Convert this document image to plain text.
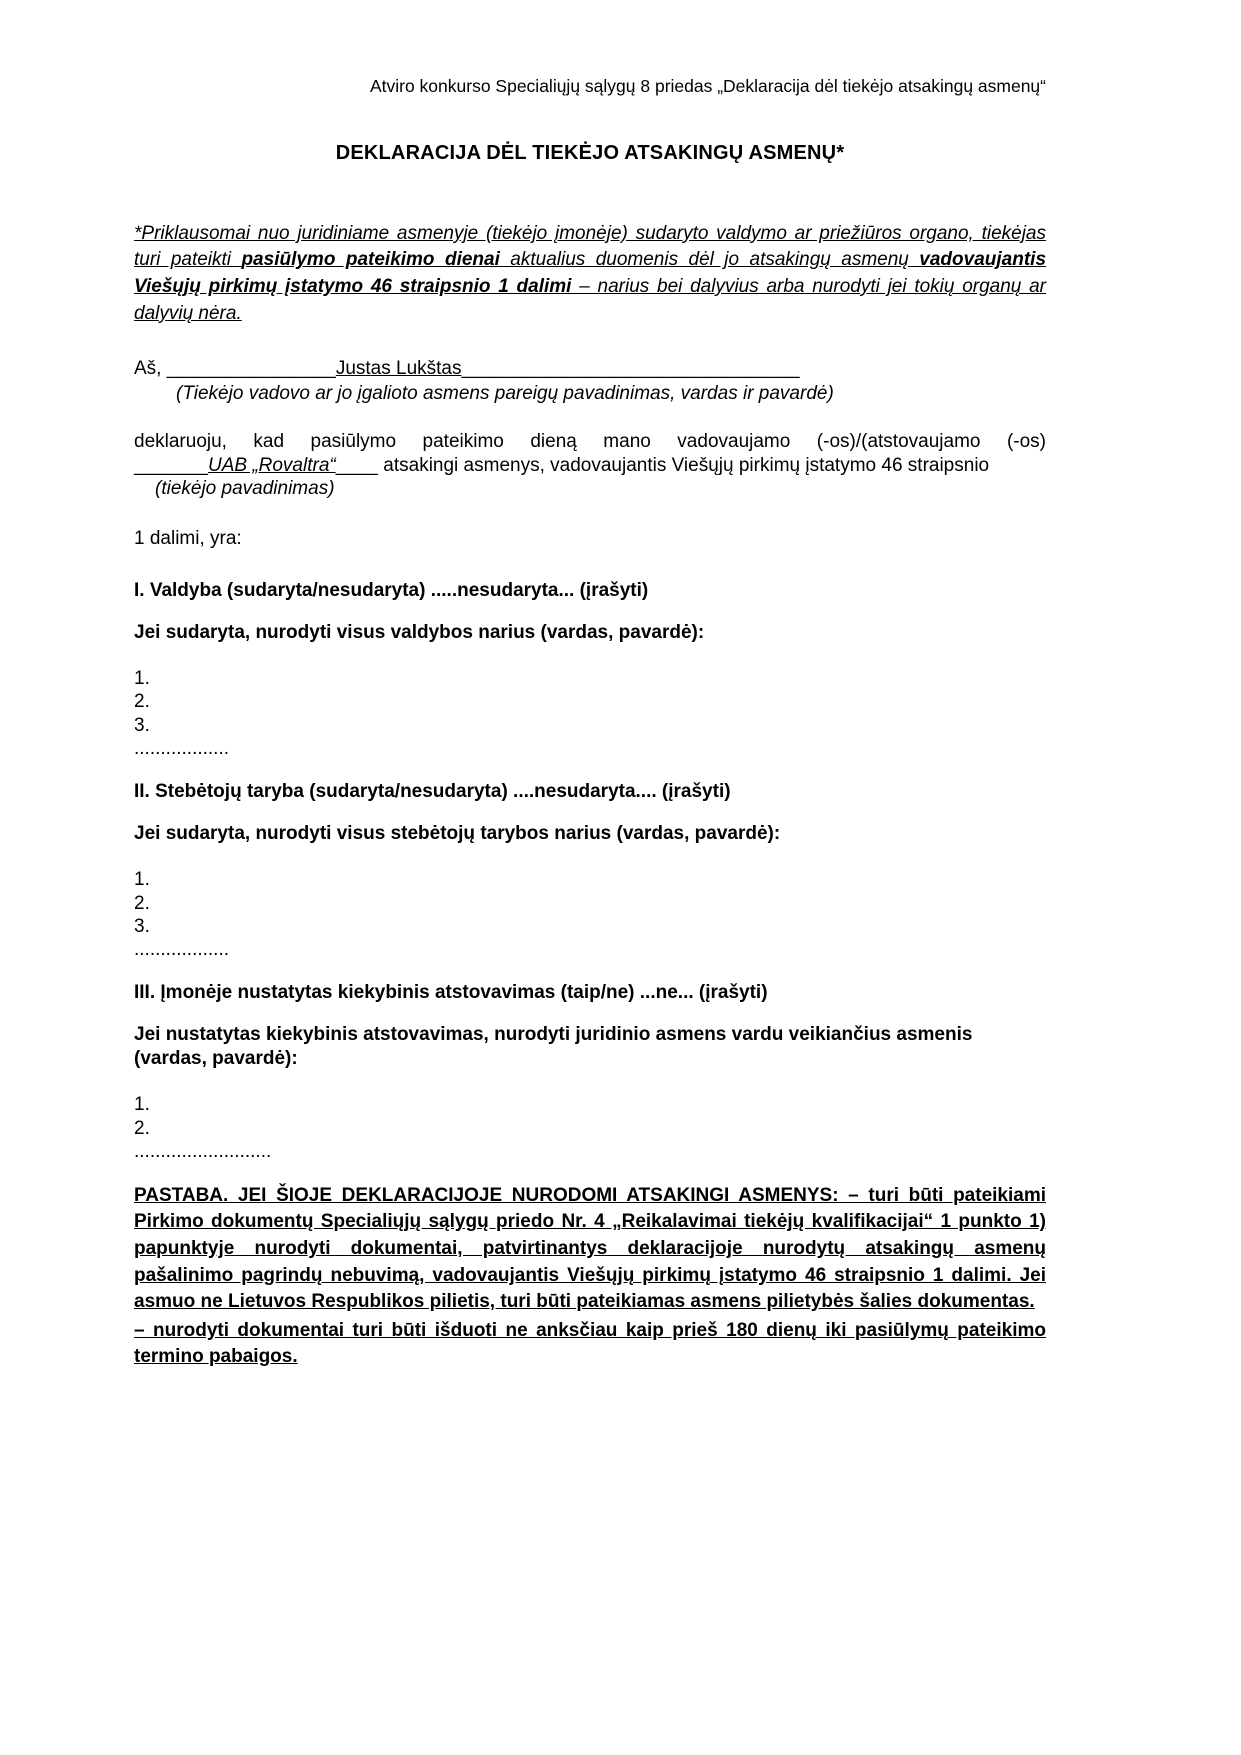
Atviro konkurso Specialiųjų sąlygų 8 priedas „Deklaracija dėl tiekėjo atsakingų asmenų“
DEKLARACIJA DĖL TIEKĖJO ATSAKINGŲ ASMENŲ*

*Priklausomai nuo juridiniame asmenyje (tiekėjo įmonėje) sudaryto valdymo ar priežiūros organo, tiekėjas turi pateikti pasiūlymo pateikimo dienai aktualius duomenis dėl jo atsakingų asmenų vadovaujantis Viešųjų pirkimų įstatymo 46 straipsnio 1 dalimi – narius bei dalyvius arba nurodyti jei tokių organų ar dalyvių nėra.

Aš, ________________Justas Lukštas________________________________

(Tiekėjo vadovo ar jo įgalioto asmens pareigų pavadinimas, vardas ir pavardė)

deklaruoju, kad pasiūlymo pateikimo dieną mano vadovaujamo (-os)/(atstovaujamo (-os)
_______UAB „Rovaltra“____ atsakingi asmenys, vadovaujantis Viešųjų pirkimų įstatymo 46 straipsnio

(tiekėjo pavadinimas)

1 dalimi, yra:

I. Valdyba (sudaryta/nesudaryta) .....nesudaryta... (įrašyti)

Jei sudaryta, nurodyti visus valdybos narius (vardas, pavardė):

1.
2.
3.
..................

II. Stebėtojų taryba (sudaryta/nesudaryta) ....nesudaryta.... (įrašyti)

Jei sudaryta, nurodyti visus stebėtojų tarybos narius (vardas, pavardė):

1.
2.
3.
..................

III. Įmonėje nustatytas kiekybinis atstovavimas (taip/ne) ...ne... (įrašyti)

Jei nustatytas kiekybinis atstovavimas, nurodyti juridinio asmens vardu veikiančius asmenis (vardas, pavardė):

1.
2.
..........................

PASTABA. JEI ŠIOJE DEKLARACIJOJE NURODOMI ATSAKINGI ASMENYS: – turi būti pateikiami Pirkimo dokumentų Specialiųjų sąlygų priedo Nr. 4 „Reikalavimai tiekėjų kvalifikacijai“ 1 punkto 1) papunktyje nurodyti dokumentai, patvirtinantys deklaracijoje nurodytų atsakingų asmenų pašalinimo pagrindų nebuvimą, vadovaujantis Viešųjų pirkimų įstatymo 46 straipsnio 1 dalimi. Jei asmuo ne Lietuvos Respublikos pilietis, turi būti pateikiamas asmens pilietybės šalies dokumentas.

– nurodyti dokumentai turi būti išduoti ne anksčiau kaip prieš 180 dienų iki pasiūlymų pateikimo termino pabaigos.
